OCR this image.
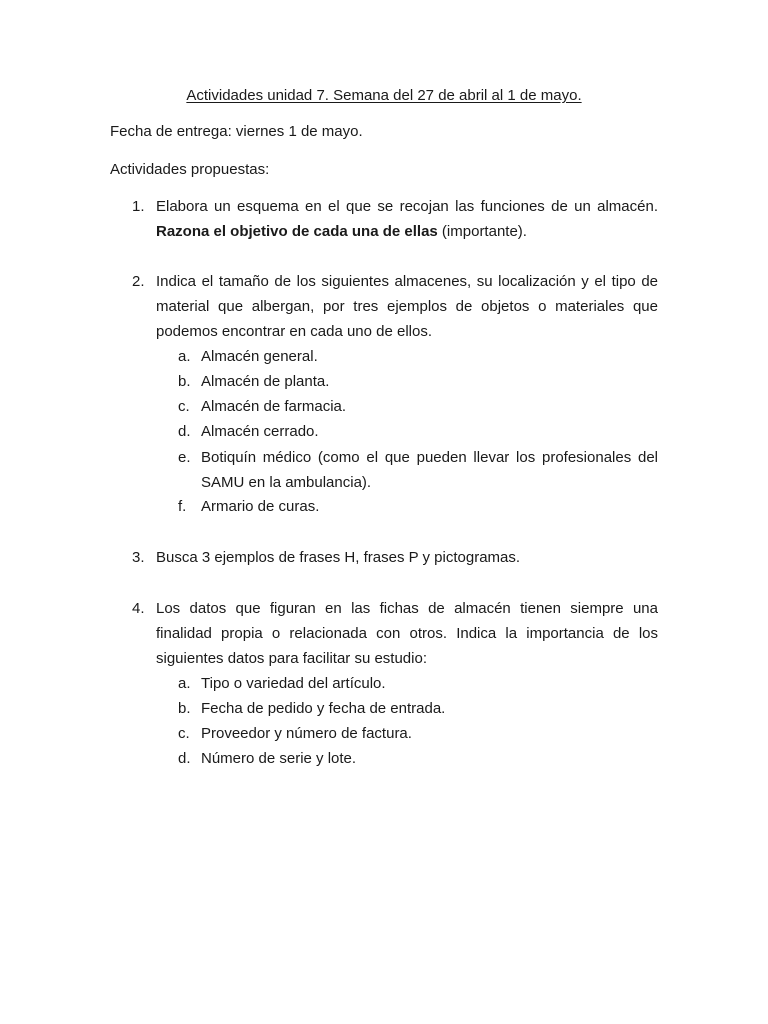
Actividades unidad 7. Semana del 27 de abril al 1 de mayo.
Fecha de entrega: viernes 1 de mayo.
Actividades propuestas:
1. Elabora un esquema en el que se recojan las funciones de un almacén.
Razona el objetivo de cada una de ellas (importante).
2. Indica el tamaño de los siguientes almacenes, su localización y el tipo de
material que albergan, por tres ejemplos de objetos o materiales que
podemos encontrar en cada uno de ellos.
a. Almacén general.
b. Almacén de planta.
c. Almacén de farmacia.
d. Almacén cerrado.
e. Botiquín médico (como el que pueden llevar los profesionales del
SAMU en la ambulancia).
f. Armario de curas.
3. Busca 3 ejemplos de frases H, frases P y pictogramas.
4. Los datos que figuran en las fichas de almacén tienen siempre una
finalidad propia o relacionada con otros. Indica la importancia de los
siguientes datos para facilitar su estudio:
a. Tipo o variedad del artículo.
b. Fecha de pedido y fecha de entrada.
c. Proveedor y número de factura.
d. Número de serie y lote.
